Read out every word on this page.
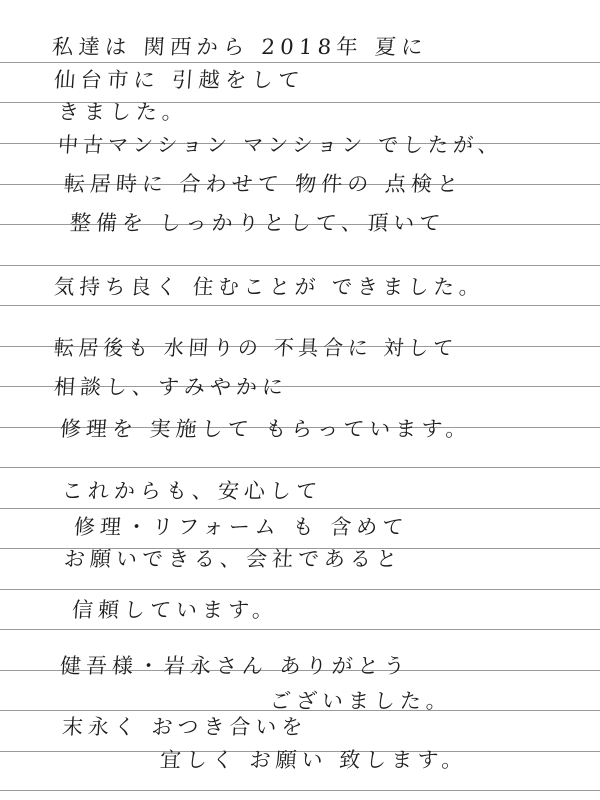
私達は 関西から 2018年 夏に
仙台市に 引越をして
きました。
中古マンション マンション でしたが、
転居時に 合わせて 物件の 点検と
整備を しっかりとして、頂いて
気持ち良く 住むことが できました。
転居後も 水回りの 不具合に 対して
相談し、すみやかに
修理を 実施して もらっています。
これからも、安心して
修理・リフォーム も 含めて
お願いできる、会社であると
信頼しています。
健吾様・岩永さん ありがとう
ございました。
末永く おつき合いを
宜しく お願い 致します。
